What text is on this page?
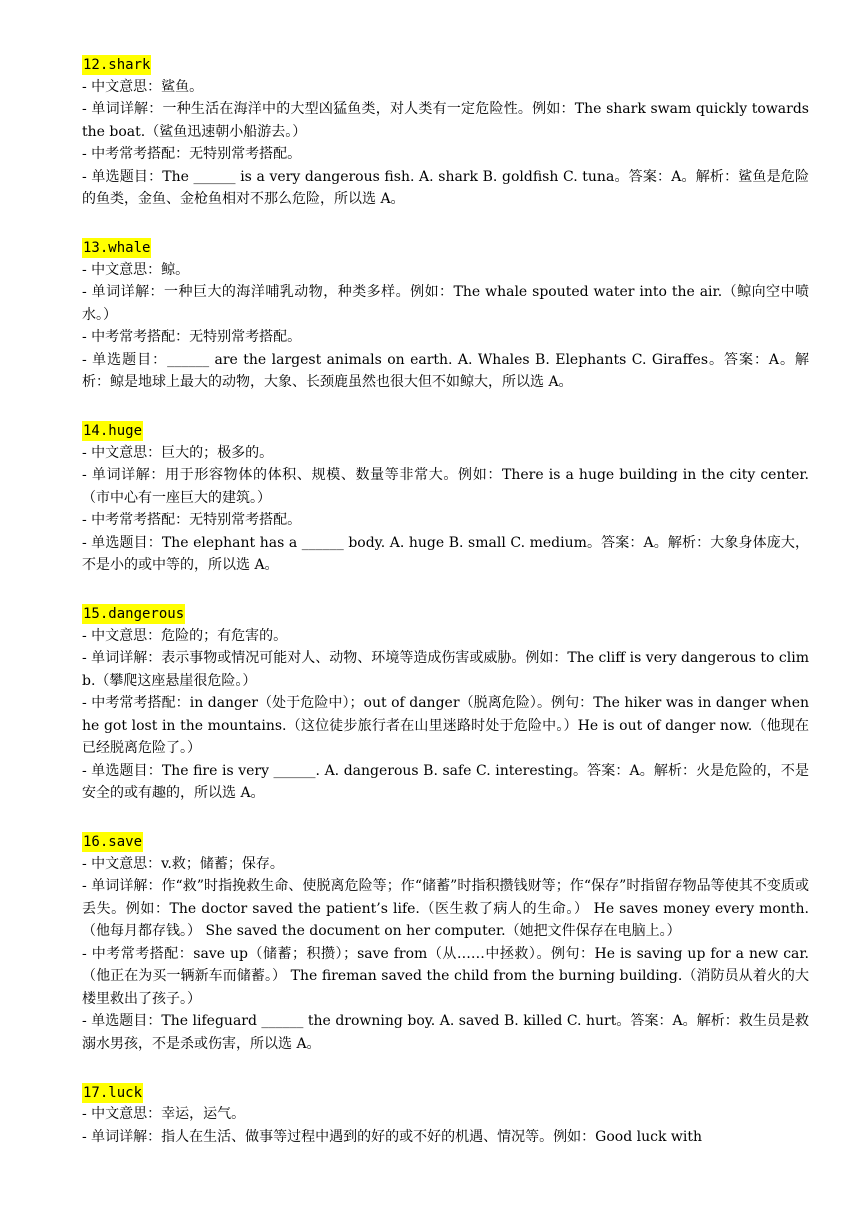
12.shark
- 中文意思：鲨鱼。
- 单词详解：一种生活在海洋中的大型凶猛鱼类，对人类有一定危险性。例如：The shark swam quickly towards the boat.（鲨鱼迅速朝小船游去。）
- 中考常考搭配：无特别常考搭配。
- 单选题目：The ______ is a very dangerous fish. A. shark B. goldfish C. tuna。答案：A。解析：鲨鱼是危险的鱼类，金鱼、金枪鱼相对不那么危险，所以选 A。
13.whale
- 中文意思：鲸。
- 单词详解：一种巨大的海洋哺乳动物，种类多样。例如：The whale spouted water into the air.（鲸向空中喷水。）
- 中考常考搭配：无特别常考搭配。
- 单选题目：______ are the largest animals on earth. A. Whales B. Elephants C. Giraffes。答案：A。解析：鲸是地球上最大的动物，大象、长颈鹿虽然也很大但不如鲸大，所以选 A。
14.huge
- 中文意思：巨大的；极多的。
- 单词详解：用于形容物体的体积、规模、数量等非常大。例如：There is a huge building in the city center.（市中心有一座巨大的建筑。）
- 中考常考搭配：无特别常考搭配。
- 单选题目：The elephant has a ______ body. A. huge B. small C. medium。答案：A。解析：大象身体庞大，不是小的或中等的，所以选 A。
15.dangerous
- 中文意思：危险的；有危害的。
- 单词详解：表示事物或情况可能对人、动物、环境等造成伤害或威胁。例如：The cliff is very dangerous to climb.（攀爬这座悬崖很危险。）
- 中考常考搭配：in danger（处于危险中）；out of danger（脱离危险）。例句：The hiker was in danger when he got lost in the mountains.（这位徒步旅行者在山里迷路时处于危险中。）He is out of danger now.（他现在已经脱离危险了。）
- 单选题目：The fire is very ______. A. dangerous B. safe C. interesting。答案：A。解析：火是危险的，不是安全的或有趣的，所以选 A。
16.save
- 中文意思：v.救；储蓄；保存。
- 单词详解：作“救”时指挽救生命、使脱离危险等；作“储蓄”时指积攒钱财等；作“保存”时指留存物品等使其不变质或丢失。例如：The doctor saved the patient’s life.（医生救了病人的生命。） He saves money every month.（他每月都存钱。） She saved the document on her computer.（她把文件保存在电脑上。）
- 中考常考搭配：save up（储蓄；积攒）；save from（从……中拯救）。例句：He is saving up for a new car.（他正在为买一辆新车而储蓄。） The fireman saved the child from the burning building.（消防员从着火的大楼里救出了孩子。）
- 单选题目：The lifeguard ______ the drowning boy. A. saved B. killed C. hurt。答案：A。解析：救生员是救溺水男孩，不是杀或伤害，所以选 A。
17.luck
- 中文意思：幸运，运气。
- 单词详解：指人在生活、做事等过程中遇到的好的或不好的机遇、情况等。例如：Good luck with
